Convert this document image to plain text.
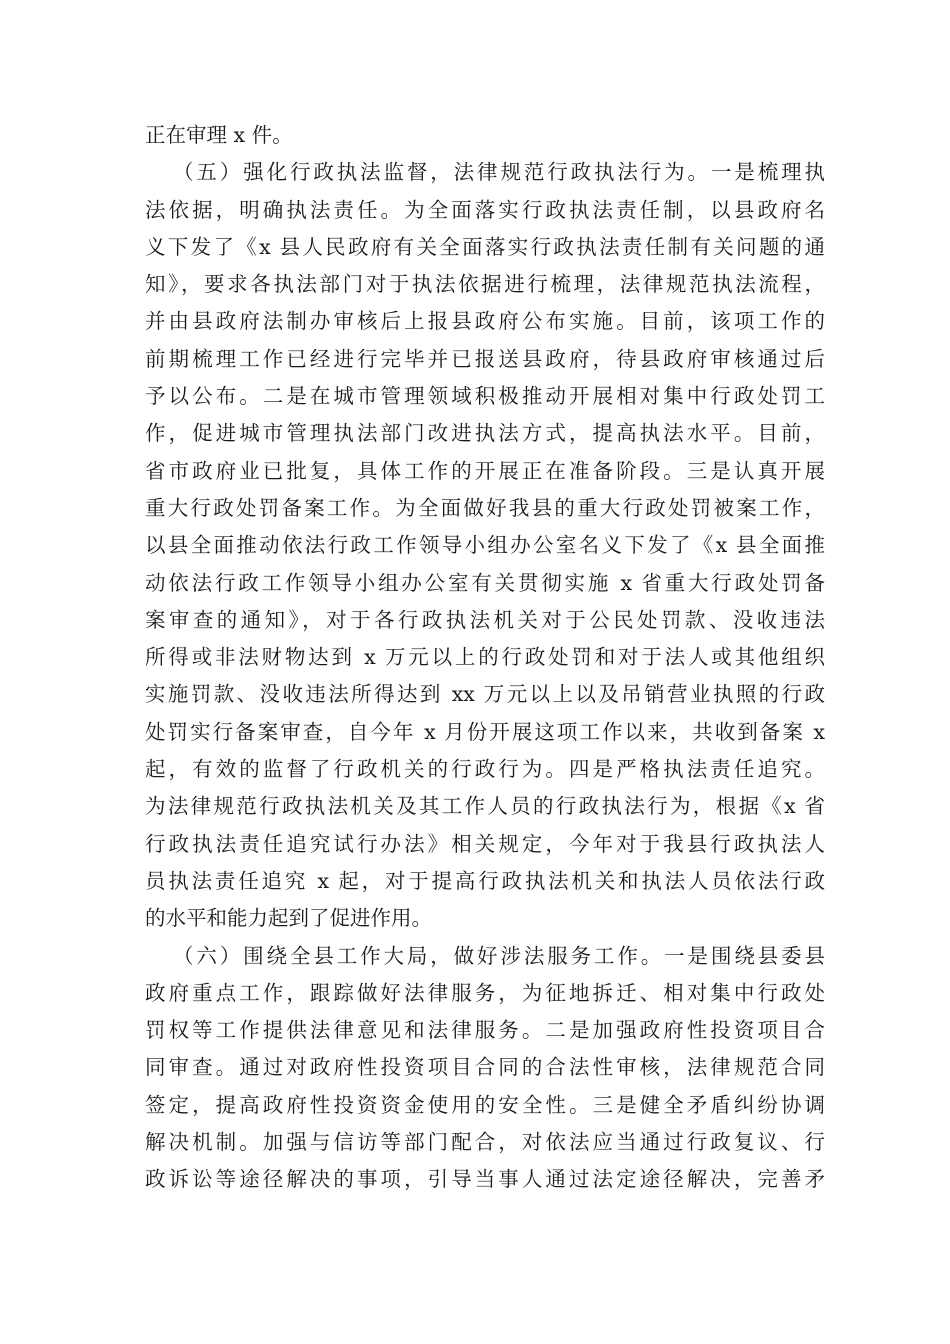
正在审理 x 件。
（五）强化行政执法监督，法律规范行政执法行为。一是梳理执
法依据，明确执法责任。为全面落实行政执法责任制，以县政府名
义下发了《x 县人民政府有关全面落实行政执法责任制有关问题的通
知》，要求各执法部门对于执法依据进行梳理，法律规范执法流程，
并由县政府法制办审核后上报县政府公布实施。目前，该项工作的
前期梳理工作已经进行完毕并已报送县政府，待县政府审核通过后
予以公布。二是在城市管理领域积极推动开展相对集中行政处罚工
作，促进城市管理执法部门改进执法方式，提高执法水平。目前，
省市政府业已批复，具体工作的开展正在准备阶段。三是认真开展
重大行政处罚备案工作。为全面做好我县的重大行政处罚被案工作，
以县全面推动依法行政工作领导小组办公室名义下发了《x 县全面推
动依法行政工作领导小组办公室有关贯彻实施 x 省重大行政处罚备
案审查的通知》，对于各行政执法机关对于公民处罚款、没收违法
所得或非法财物达到 x 万元以上的行政处罚和对于法人或其他组织
实施罚款、没收违法所得达到 xx 万元以上以及吊销营业执照的行政
处罚实行备案审查，自今年 x 月份开展这项工作以来，共收到备案 x
起，有效的监督了行政机关的行政行为。四是严格执法责任追究。
为法律规范行政执法机关及其工作人员的行政执法行为，根据《x 省
行政执法责任追究试行办法》相关规定，今年对于我县行政执法人
员执法责任追究 x 起，对于提高行政执法机关和执法人员依法行政
的水平和能力起到了促进作用。
（六）围绕全县工作大局，做好涉法服务工作。一是围绕县委县
政府重点工作，跟踪做好法律服务，为征地拆迁、相对集中行政处
罚权等工作提供法律意见和法律服务。二是加强政府性投资项目合
同审查。通过对政府性投资项目合同的合法性审核，法律规范合同
签定，提高政府性投资资金使用的安全性。三是健全矛盾纠纷协调
解决机制。加强与信访等部门配合，对依法应当通过行政复议、行
政诉讼等途径解决的事项，引导当事人通过法定途径解决，完善矛
